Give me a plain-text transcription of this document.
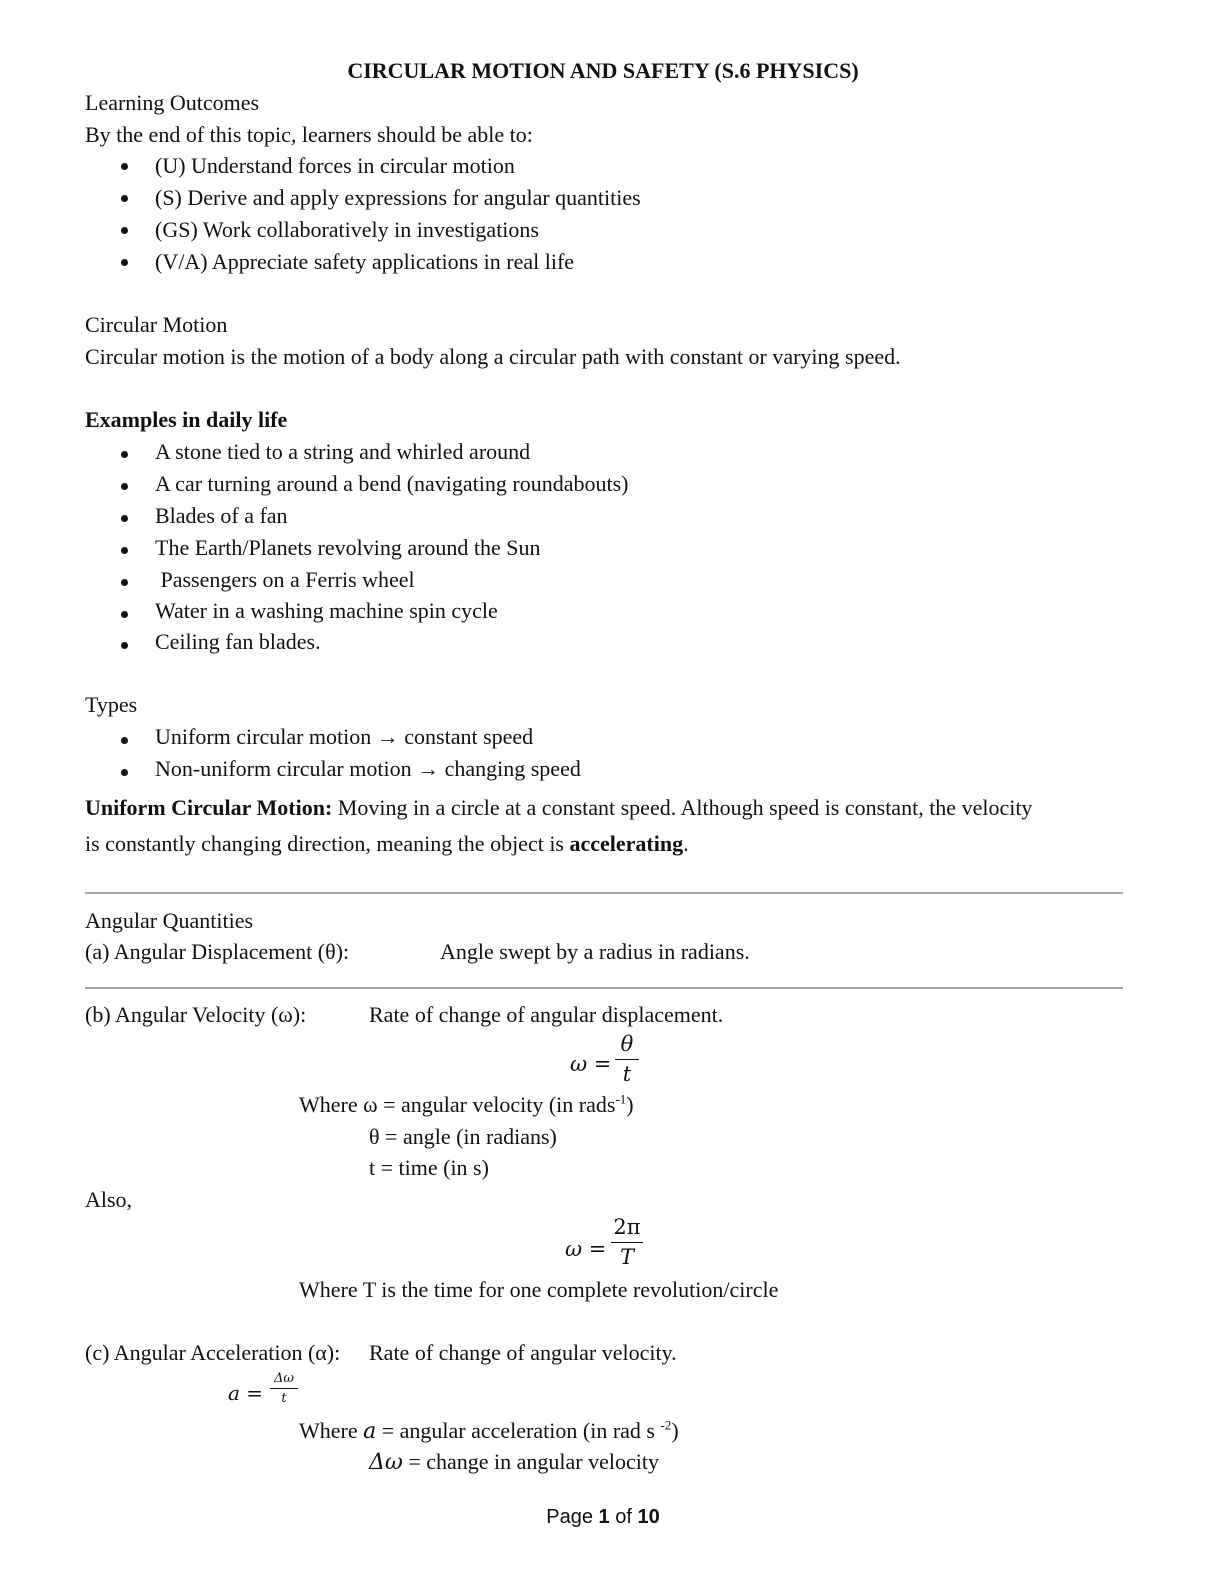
CIRCULAR MOTION AND SAFETY (S.6 PHYSICS)
Learning Outcomes
By the end of this topic, learners should be able to:
(U) Understand forces in circular motion
(S) Derive and apply expressions for angular quantities
(GS) Work collaboratively in investigations
(V/A) Appreciate safety applications in real life
Circular Motion
Circular motion is the motion of a body along a circular path with constant or varying speed.
Examples in daily life
A stone tied to a string and whirled around
A car turning around a bend (navigating roundabouts)
Blades of a fan
The Earth/Planets revolving around the Sun
Passengers on a Ferris wheel
Water in a washing machine spin cycle
Ceiling fan blades.
Types
Uniform circular motion → constant speed
Non-uniform circular motion → changing speed
Uniform Circular Motion: Moving in a circle at a constant speed. Although speed is constant, the velocity
is constantly changing direction, meaning the object is accelerating.
Angular Quantities
(a) Angular Displacement (θ):	Angle swept by a radius in radians.
(b) Angular Velocity (ω):	Rate of change of angular displacement.
ω =
θ
t
Where ω = angular velocity (in rads$^{-1}$)
θ = angle (in radians)
t = time (in s)
Also,
ω =
2π
T
Where T is the time for one complete revolution/circle
(c) Angular Acceleration (α): Rate of change of angular velocity.
a =
Δω
t
Where a = angular acceleration (in rad s $^{-2}$)
Δω = change in angular velocity
Page 1 of 10
